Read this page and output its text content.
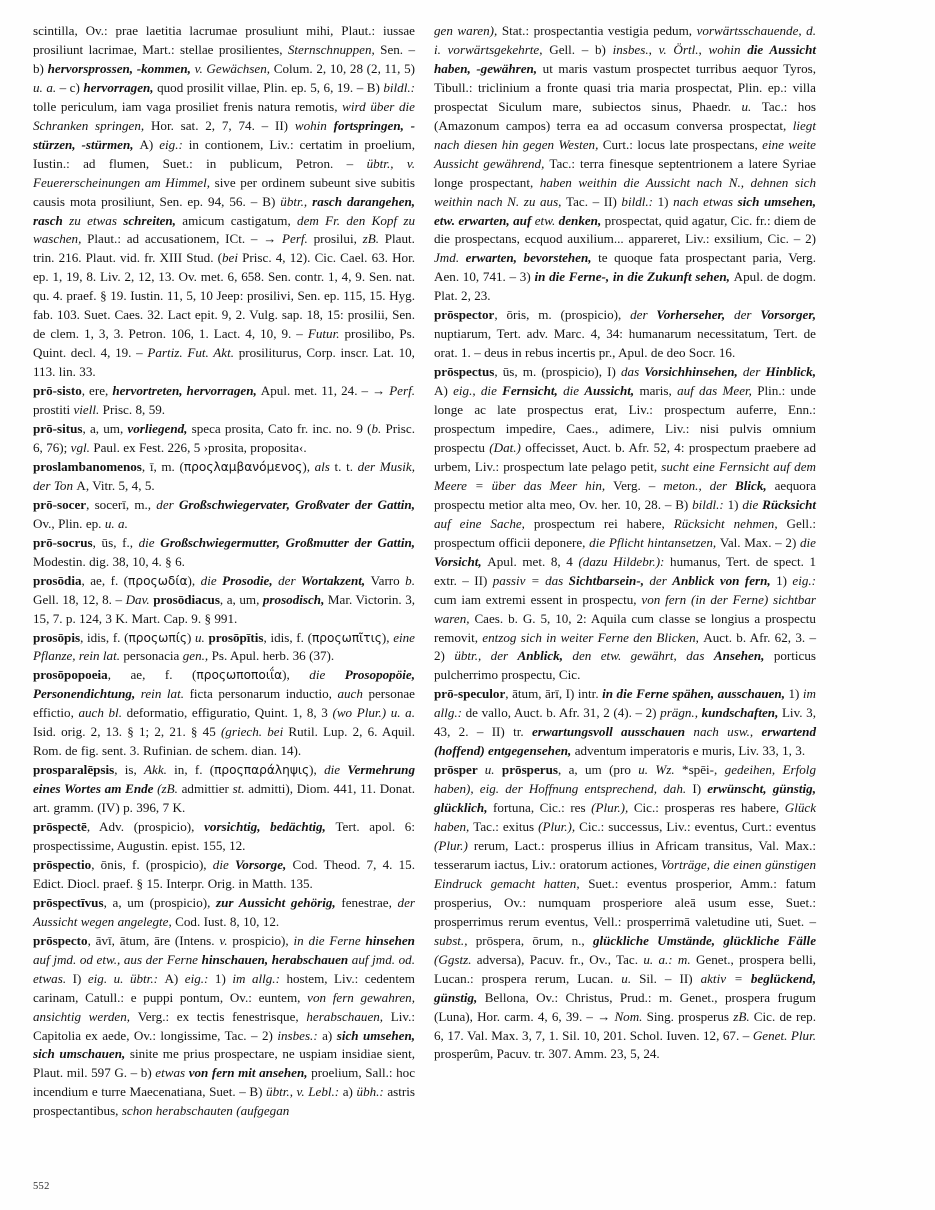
scintilla, Ov.: prae laetitia lacrumae prosuliunt mihi, Plaut.: iussae prosiliunt lacrimae, Mart.: stellae prosilientes, Sternschnuppen, Sen. – b) hervorsprossen, -kommen, v. Gewächsen, Colum. 2, 10, 28 (2, 11, 5) u. a. – c) hervorragen, quod prosilit villae, Plin. ep. 5, 6, 19. – B) bildl.: tolle periculum, iam vaga prosiliet frenis natura remotis, wird über die Schranken springen, Hor. sat. 2, 7, 74. – II) wohin fortspringen, -stürzen, -stürmen, A) eig.: in contionem, Liv.: certatim in proelium, Iustin.: ad flumen, Suet.: in publicum, Petron. – übtr., v. Feuererscheinungen am Himmel, sive per ordinem subeunt sive subitis causis mota prosiliunt, Sen. ep. 94, 56. – B) übtr., rasch darangehen, rasch zu etwas schreiten, amicum castigatum, dem Fr. den Kopf zu waschen, Plaut.: ad accusationem, ICt. – → Perf. prosilui, zB. Plaut. trin. 216. Plaut. vid. fr. XIII Stud. (bei Prisc. 4, 12). Cic. Cael. 63. Hor. ep. 1, 19, 8. Liv. 2, 12, 13. Ov. met. 6, 658. Sen. contr. 1, 4, 9. Sen. nat. qu. 4. praef. § 19. Iustin. 11, 5, 10 Jeep: prosilivi, Sen. ep. 115, 15. Hyg. fab. 103. Suet. Caes. 32. Lact epit. 9, 2. Vulg. sap. 18, 15: prosilii, Sen. de clem. 1, 3, 3. Petron. 106, 1. Lact. 4, 10, 9. – Futur. prosilibo, Ps. Quint. decl. 4, 19. – Partiz. Fut. Akt. prosiliturus, Corp. inscr. Lat. 10, 113. lin. 33.

prō-sisto, ere, hervortreten, hervorragen, Apul. met. 11, 24. – → Perf. prostiti viell. Prisc. 8, 59.

prō-situs, a, um, vorliegend, speca prosita, Cato fr. inc. no. 9 (b. Prisc. 6, 76); vgl. Paul. ex Fest. 226, 5 ›prosita, proposita‹.

proslambanomenos, ī, m. (προςλαμβανόμενος), als t. t. der Musik, der Ton A, Vitr. 5, 4, 5.

prō-socer, socerī, m., der Großschwiegervater, Großvater der Gattin, Ov., Plin. ep. u. a.

prō-socrus, ūs, f., die Großschwiegermutter, Großmutter der Gattin, Modestin. dig. 38, 10, 4. § 6.

prosōdia, ae, f. (προςωδία), die Prosodie, der Wortakzent, Varro b. Gell. 18, 12, 8. – Dav. prosōdiacus, a, um, prosodisch, Mar. Victorin. 3, 15, 7. p. 124, 3 K. Mart. Cap. 9. § 991.

prosōpis, idis, f. (προςωπίς) u. prosōpītis, idis, f. (προςωπῖτις), eine Pflanze, rein lat. personacia gen., Ps. Apul. herb. 36 (37).

prosōpopoeia, ae, f. (προςωποποιΐα), die Prosopopöie, Personendichtung, rein lat. ficta personarum inductio, auch personae effictio, auch bl. deformatio, effiguratio, Quint. 1, 8, 3 (wo Plur.) u. a. Isid. orig. 2, 13. § 1; 2, 21. § 45 (griech. bei Rutil. Lup. 2, 6. Aquil. Rom. de fig. sent. 3. Rufinian. de schem. dian. 14).

prosparalēpsis, is, Akk. in, f. (προςπαράληψις), die Vermehrung eines Wortes am Ende (zB. admittier st. admitti), Diom. 441, 11. Donat. art. gramm. (IV) p. 396, 7 K.

prōspectē, Adv. (prospicio), vorsichtig, bedächtig, Tert. apol. 6: prospectissime, Augustin. epist. 155, 12.

prōspectio, ōnis, f. (prospicio), die Vorsorge, Cod. Theod. 7, 4. 15. Edict. Diocl. praef. § 15. Interpr. Orig. in Matth. 135.

prōspectīvus, a, um (prospicio), zur Aussicht gehörig, fenestrae, der Aussicht wegen angelegte, Cod. Iust. 8, 10, 12.

prōspecto, āvī, ātum, āre (Intens. v. prospicio), in die Ferne hinsehen auf jmd. od etw., aus der Ferne hinschauen, herabschauen auf jmd. od. etwas. I) eig. u. übtr.: A) eig.: 1) im allg.: hostem, Liv.: cedentem carinam, Catull.: e puppi pontum, Ov.: euntem, von fern gewahren, ansichtig werden, Verg.: ex tectis fenestrisque, herabschauen, Liv.: Capitolia ex aede, Ov.: longissime, Tac. – 2) insbes.: a) sich umsehen, sich umschauen, sinite me prius prospectare, ne uspiam insidiae sient, Plaut. mil. 597 G. – b) etwas von fern mit ansehen, proelium, Sall.: hoc incendium e turre Maecenatiana, Suet. – B) übtr., v. Lebl.: a) übh.: astris prospectantibus, schon herabschauten (aufgegan

gen waren), Stat.: prospectantia vestigia pedum, vorwärtsschauende, d. i. vorwärtsgekehrte, Gell. – b) insbes., v. Örtl., wohin die Aussicht haben, -gewähren, ut maris vastum prospectet turribus aequor Tyros, Tibull.: triclinium a fronte quasi tria maria prospectat, Plin. ep.: villa prospectat Siculum mare, subiectos sinus, Phaedr. u. Tac.: hos (Amazonum campos) terra ea ad occasum conversa prospectat, liegt nach diesen hin gegen Westen, Curt.: locus late prospectans, eine weite Aussicht gewährend, Tac.: terra finesque septentrionem a latere Syriae longe prospectant, haben weithin die Aussicht nach N., dehnen sich weithin nach N. zu aus, Tac. – II) bildl.: 1) nach etwas sich umsehen, etw. erwarten, auf etw. denken, prospectat, quid agatur, Cic. fr.: diem de die prospectans, ecquod auxilium... appareret, Liv.: exsilium, Cic. – 2) Jmd. erwarten, bevorstehen, te quoque fata prospectant paria, Verg. Aen. 10, 741. – 3) in die Ferne-, in die Zukunft sehen, Apul. de dogm. Plat. 2, 23.

prōspector, ōris, m. (prospicio), der Vorherseher, der Vorsorger, nuptiarum, Tert. adv. Marc. 4, 34: humanarum necessitatum, Tert. de orat. 1. – deus in rebus incertis pr., Apul. de deo Socr. 16.

prōspectus, ūs, m. (prospicio), I) das Vorsichhinsehen, der Hinblick, A) eig., die Fernsicht, die Aussicht, maris, auf das Meer, Plin.: unde longe ac late prospectus erat, Liv.: prospectum auferre, Enn.: prospectum impedire, Caes., adimere, Liv.: nisi pulvis omnium prospectu (Dat.) offecisset, Auct. b. Afr. 52, 4: prospectum praebere ad urbem, Liv.: prospectum late pelago petit, sucht eine Fernsicht auf dem Meere = über das Meer hin, Verg. – meton., der Blick, aequora prospectu metior alta meo, Ov. her. 10, 28. – B) bildl.: 1) die Rücksicht auf eine Sache, prospectum rei habere, Rücksicht nehmen, Gell.: prospectum officii deponere, die Pflicht hintansetzen, Val. Max. – 2) die Vorsicht, Apul. met. 8, 4 (dazu Hildebr.): humanus, Tert. de spect. 1 extr. – II) passiv = das Sichtbarsein-, der Anblick von fern, 1) eig.: cum iam extremi essent in prospectu, von fern (in der Ferne) sichtbar waren, Caes. b. G. 5, 10, 2: Aquila cum classe se longius a prospectu removit, entzog sich in weiter Ferne den Blicken, Auct. b. Afr. 62, 3. – 2) übtr., der Anblick, den etw. gewährt, das Ansehen, porticus pulcherrimo prospectu, Cic.

prō-speculor, ātum, ārī, I) intr. in die Ferne spähen, ausschauen, 1) im allg.: de vallo, Auct. b. Afr. 31, 2 (4). – 2) prägn., kundschaften, Liv. 3, 43, 2. – II) tr. erwartungsvoll ausschauen nach usw., erwartend (hoffend) entgegensehen, adventum imperatoris e muris, Liv. 33, 1, 3.

prōsper u. prōsperus, a, um (pro u. Wz. *spēi-, gedeihen, Erfolg haben), eig. der Hoffnung entsprechend, dah. I) erwünscht, günstig, glücklich, fortuna, Cic.: res (Plur.), Cic.: prosperas res habere, Glück haben, Tac.: exitus (Plur.), Cic.: successus, Liv.: eventus, Curt.: eventus (Plur.) rerum, Lact.: prosperus illius in Africam transitus, Val. Max.: tesserarum iactus, Liv.: oratorum actiones, Vorträge, die einen günstigen Eindruck gemacht hatten, Suet.: eventus prosperior, Amm.: fatum prosperius, Ov.: numquam prosperiore aleā usum esse, Suet.: prosperrimus rerum eventus, Vell.: prosperrimā valetudine uti, Suet. – subst., prōspera, ōrum, n., glückliche Umstände, glückliche Fälle (Ggstz. adversa), Pacuv. fr., Ov., Tac. u. a.: m. Genet., prospera belli, Lucan.: prospera rerum, Lucan. u. Sil. – II) aktiv = beglückend, günstig, Bellona, Ov.: Christus, Prud.: m. Genet., prospera frugum (Luna), Hor. carm. 4, 6, 39. – → Nom. Sing. prosperus zB. Cic. de rep. 6, 17. Val. Max. 3, 7, 1. Sil. 10, 201. Schol. Iuven. 12, 67. – Genet. Plur. prosperûm, Pacuv. tr. 307. Amm. 23, 5, 24.

552
